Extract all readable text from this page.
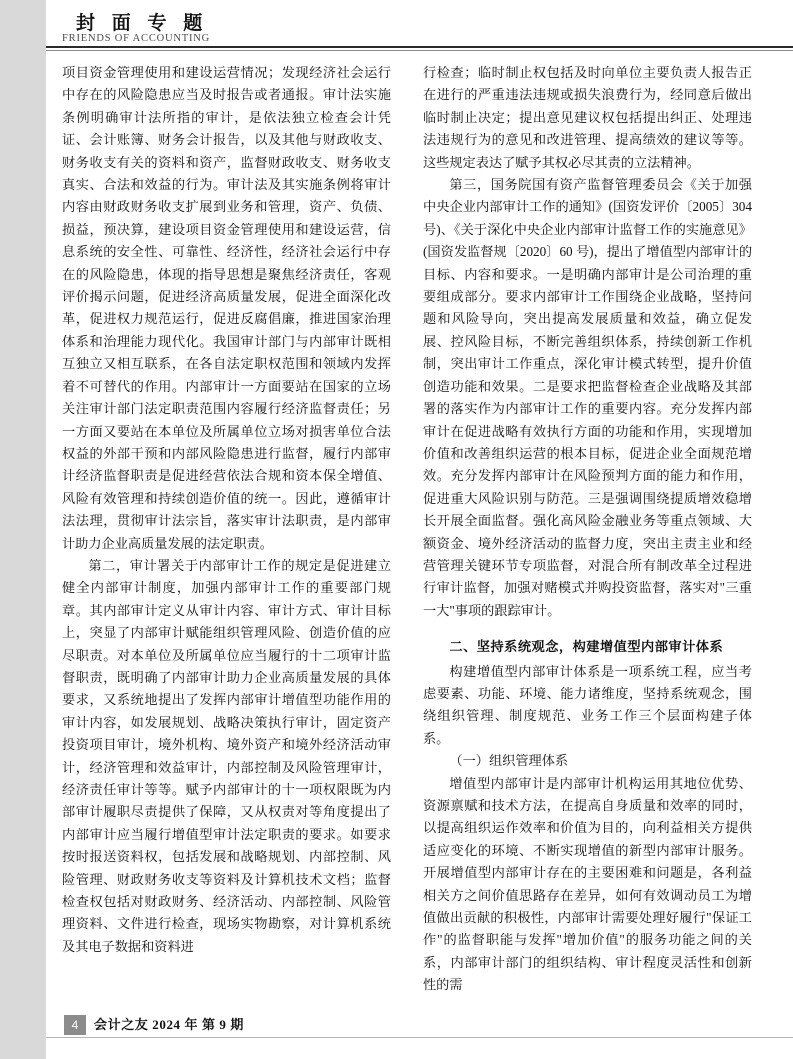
封 面 专 题
FRIENDS OF ACCOUNTING

项目资金管理使用和建设运营情况；发现经济社会运行中存在的风险隐患应当及时报告或者通报。审计法实施条例明确审计法所指的审计，是依法独立检查会计凭证、会计账簿、财务会计报告，以及其他与财政收支、财务收支有关的资料和资产，监督财政收支、财务收支真实、合法和效益的行为。审计法及其实施条例将审计内容由财政财务收支扩展到业务和管理，资产、负债、损益，预决算，建设项目资金管理使用和建设运营，信息系统的安全性、可靠性、经济性，经济社会运行中存在的风险隐患，体现的指导思想是聚焦经济责任，客观评价揭示问题，促进经济高质量发展，促进全面深化改革，促进权力规范运行，促进反腐倡廉，推进国家治理体系和治理能力现代化。我国审计部门与内部审计既相互独立又相互联系，在各自法定职权范围和领域内发挥着不可替代的作用。内部审计一方面要站在国家的立场关注审计部门法定职责范围内容履行经济监督责任；另一方面又要站在本单位及所属单位立场对损害单位合法权益的外部干预和内部风险隐患进行监督，履行内部审计经济监督职责是促进经营依法合规和资本保全增值、风险有效管理和持续创造价值的统一。因此，遵循审计法法理，贯彻审计法宗旨，落实审计法职责，是内部审计助力企业高质量发展的法定职责。

第二，审计署关于内部审计工作的规定是促进建立健全内部审计制度，加强内部审计工作的重要部门规章。其内部审计定义从审计内容、审计方式、审计目标上，突显了内部审计赋能组织管理风险、创造价值的应尽职责。对本单位及所属单位应当履行的十二项审计监督职责，既明确了内部审计助力企业高质量发展的具体要求，又系统地提出了发挥内部审计增值型功能作用的审计内容，如发展规划、战略决策执行审计，固定资产投资项目审计，境外机构、境外资产和境外经济活动审计，经济管理和效益审计，内部控制及风险管理审计，经济责任审计等等。赋予内部审计的十一项权限既为内部审计履职尽责提供了保障，又从权责对等角度提出了内部审计应当履行增值型审计法定职责的要求。如要求按时报送资料权，包括发展和战略规划、内部控制、风险管理、财政财务收支等资料及计算机技术文档；监督检查权包括对财政财务、经济活动、内部控制、风险管理资料、文件进行检查，现场实物勘察，对计算机系统及其电子数据和资料进

行检查；临时制止权包括及时向单位主要负责人报告正在进行的严重违法违规或损失浪费行为，经同意后做出临时制止决定；提出意见建议权包括提出纠正、处理违法违规行为的意见和改进管理、提高绩效的建议等等。这些规定表达了赋予其权必尽其责的立法精神。

第三，国务院国有资产监督管理委员会《关于加强中央企业内部审计工作的通知》(国资发评价〔2005〕304号)、《关于深化中央企业内部审计监督工作的实施意见》(国资发监督规〔2020〕60 号)，提出了增值型内部审计的目标、内容和要求。一是明确内部审计是公司治理的重要组成部分。要求内部审计工作围绕企业战略，坚持问题和风险导向，突出提高发展质量和效益，确立促发展、控风险目标，不断完善组织体系，持续创新工作机制，突出审计工作重点，深化审计模式转型，提升价值创造功能和效果。二是要求把监督检查企业战略及其部署的落实作为内部审计工作的重要内容。充分发挥内部审计在促进战略有效执行方面的功能和作用，实现增加价值和改善组织运营的根本目标，促进企业全面规范增效。充分发挥内部审计在风险预判方面的能力和作用，促进重大风险识别与防范。三是强调围绕提质增效稳增长开展全面监督。强化高风险金融业务等重点领域、大额资金、境外经济活动的监督力度，突出主责主业和经营管理关键环节专项监督，对混合所有制改革全过程进行审计监督，加强对赌模式并购投资监督，落实对"三重一大"事项的跟踪审计。

二、坚持系统观念，构建增值型内部审计体系

构建增值型内部审计体系是一项系统工程，应当考虑要素、功能、环境、能力诸维度，坚持系统观念，围绕组织管理、制度规范、业务工作三个层面构建子体系。

（一）组织管理体系

增值型内部审计是内部审计机构运用其地位优势、资源禀赋和技术方法，在提高自身质量和效率的同时，以提高组织运作效率和价值为目的，向利益相关方提供适应变化的环境、不断实现增值的新型内部审计服务。开展增值型内部审计存在的主要困难和问题是，各利益相关方之间价值思路存在差异，如何有效调动员工为增值做出贡献的积极性，内部审计需要处理好履行"保证工作"的监督职能与发挥"增加价值"的服务功能之间的关系，内部审计部门的组织结构、审计程度灵活性和创新性的需

4	会计之友 2024 年 第 9 期
